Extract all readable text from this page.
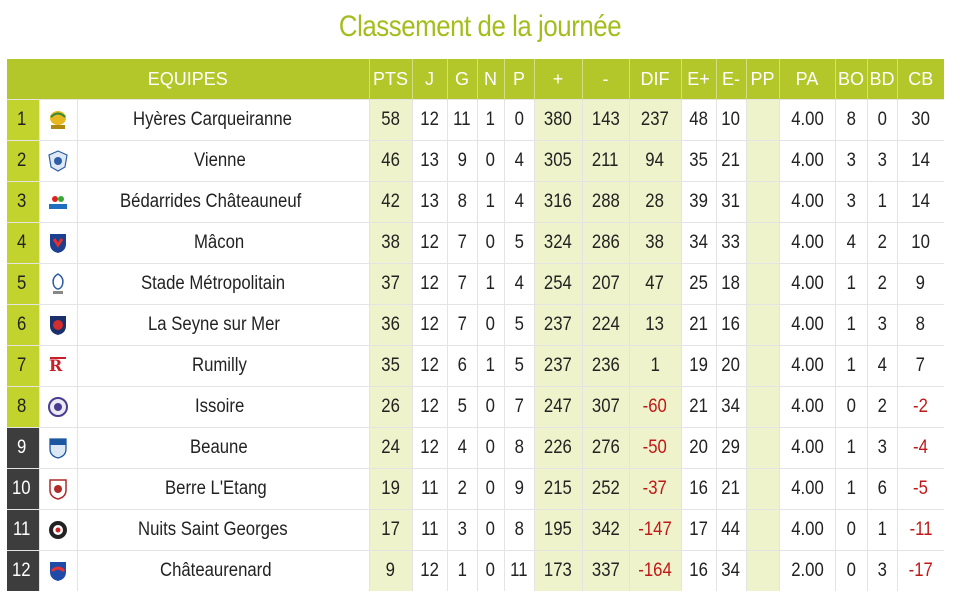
Classement de la journée
EQUIPES			PTS	J	G	N	P	+	-	DIF	E+	E-	PP	PA	BO	BD	CB
1		Hyères Carqueiranne	58	12	11	1	0	380	143	237	48	10		4.00	8	0	30
2		Vienne	46	13	9	0	4	305	211	94	35	21		4.00	3	3	14
3		Bédarrides Châteauneuf	42	13	8	1	4	316	288	28	39	31		4.00	3	1	14
4		Mâcon	38	12	7	0	5	324	286	38	34	33		4.00	4	2	10
5		Stade Métropolitain	37	12	7	1	4	254	207	47	25	18		4.00	1	2	9
6		La Seyne sur Mer	36	12	7	0	5	237	224	13	21	16		4.00	1	3	8
7	R	Rumilly	35	12	6	1	5	237	236	1	19	20		4.00	1	4	7
8		Issoire	26	12	5	0	7	247	307	-60	21	34		4.00	0	2	-2
9		Beaune	24	12	4	0	8	226	276	-50	20	29		4.00	1	3	-4
10		Berre L'Etang	19	11	2	0	9	215	252	-37	16	21		4.00	1	6	-5
11		Nuits Saint Georges	17	11	3	0	8	195	342	-147	17	44		4.00	0	1	-11
12		Châteaurenard	9	12	1	0	11	173	337	-164	16	34		2.00	0	3	-17
